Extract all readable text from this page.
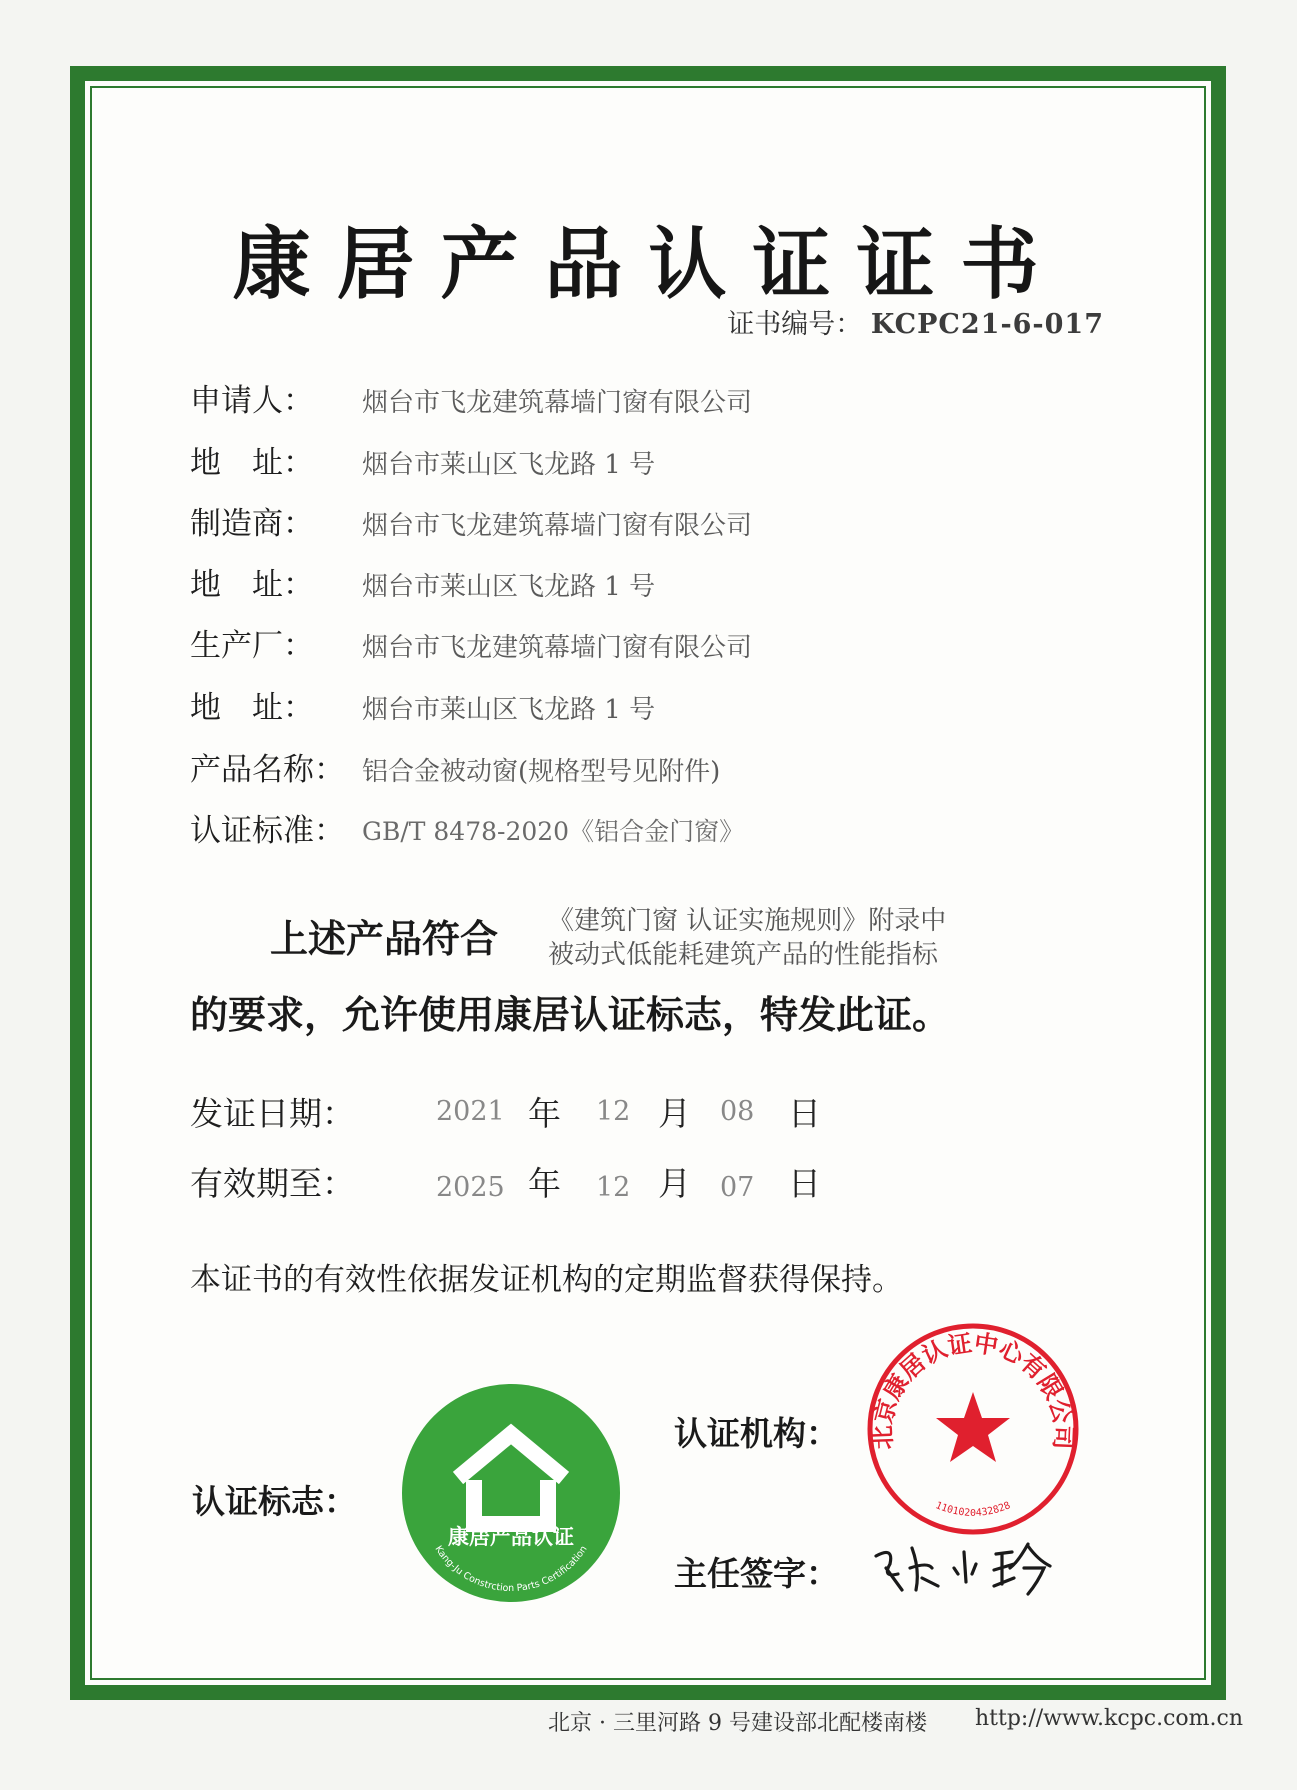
康居产品认证证书
证书编号： KCPC21-6-017
申请人： 烟台市飞龙建筑幕墙门窗有限公司
地　址： 烟台市莱山区飞龙路 1 号
制造商： 烟台市飞龙建筑幕墙门窗有限公司
地　址： 烟台市莱山区飞龙路 1 号
生产厂： 烟台市飞龙建筑幕墙门窗有限公司
地　址： 烟台市莱山区飞龙路 1 号
产品名称： 铝合金被动窗(规格型号见附件)
认证标准： GB/T 8478-2020《铝合金门窗》
上述产品符合 《建筑门窗 认证实施规则》附录中
被动式低能耗建筑产品的性能指标
的要求，允许使用康居认证标志，特发此证。
发证日期：	2021 年 12 月 08 日
有效期至：	2025 年 12 月 07 日
本证书的有效性依据发证机构的定期监督获得保持。
认证标志：
康居产品认证
Kang-Ju Constrction Parts Certification
认证机构： 北京康居认证中心有限公司
1101020432828
主任签字：
北京 · 三里河路 9 号建设部北配楼南楼 http://www.kcpc.com.cn
